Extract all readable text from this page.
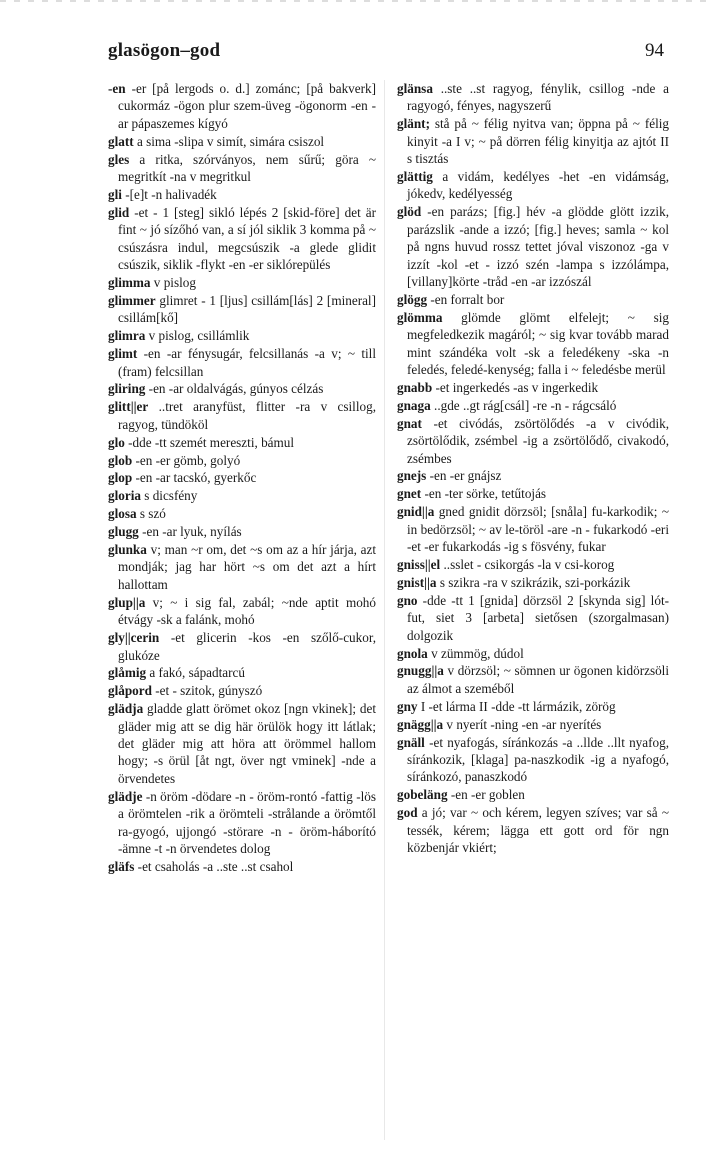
glasögon–god	94

-en -er [på lergods o. d.] zománc; [på bakverk] cukormáz -ögon plur szem-üveg -ögonorm -en -ar pápaszemes kígyó

glatt a sima -slipa v simít, simára csiszol

gles a ritka, szórványos, nem sűrű; göra ~ megritkít -na v megritkul

gli -[e]t -n halivadék

glid -et - 1 [steg] sikló lépés 2 [skid-före] det är fint ~ jó sízőhó van, a sí jól siklik 3 komma på ~ csúszásra indul, megcsúszik -a glede glidit csúszik, siklik -flykt -en -er siklórepülés

glimma v pislog

glimmer glimret - 1 [ljus] csillám[lás] 2 [mineral] csillám[kő]

glimra v pislog, csillámlik

glimt -en -ar fénysugár, felcsillanás -a v; ~ till (fram) felcsillan

gliring -en -ar oldalvágás, gúnyos célzás

glitt||er ..tret aranyfüst, flitter -ra v csillog, ragyog, tündököl

glo -dde -tt szemét mereszti, bámul

glob -en -er gömb, golyó

glop -en -ar tacskó, gyerkőc

gloria s dicsfény

glosa s szó

glugg -en -ar lyuk, nyílás

glunka v; man ~r om, det ~s om az a hír járja, azt mondják; jag har hört ~s om det azt a hírt hallottam

glup||a v; ~ i sig fal, zabál; ~nde aptit mohó étvágy -sk a falánk, mohó

gly||cerin -et glicerin -kos -en szőlő-cukor, glukóze

glåmig a fakó, sápadtarcú

glåpord -et - szitok, gúnyszó

glädja gladde glatt örömet okoz [ngn vkinek]; det gläder mig att se dig här örülök hogy itt látlak; det gläder mig att höra att örömmel hallom hogy; -s örül [åt ngt, över ngt vminek] -nde a örvendetes

glädje -n öröm -dödare -n - öröm-rontó -fattig -lös a örömtelen -rik a örömteli -strålande a örömtől ra-gyogó, ujjongó -störare -n - öröm-háborító -ämne -t -n örvendetes dolog

gläfs -et csaholás -a ..ste ..st csahol

glänsa ..ste ..st ragyog, fénylik, csillog -nde a ragyogó, fényes, nagyszerű

glänt; stå på ~ félig nyitva van; öppna på ~ félig kinyit -a I v; ~ på dörren félig kinyitja az ajtót II s tisztás

glättig a vidám, kedélyes -het -en vidámság, jókedv, kedélyesség

glöd -en parázs; [fig.] hév -a glödde glött izzik, parázslik -ande a izzó; [fig.] heves; samla ~ kol på ngns huvud rossz tettet jóval viszonoz -ga v izzít -kol -et - izzó szén -lampa s izzólámpa, [villany]körte -tråd -en -ar izzószál

glögg -en forralt bor

glömma glömde glömt elfelejt; ~ sig megfeledkezik magáról; ~ sig kvar tovább marad mint szándéka volt -sk a feledékeny -ska -n feledés, feledé-kenység; falla i ~ feledésbe merül

gnabb -et ingerkedés -as v ingerkedik

gnaga ..gde ..gt rág[csál] -re -n - rágcsáló

gnat -et civódás, zsörtölődés -a v civódik, zsörtölődik, zsémbel -ig a zsörtölődő, civakodó, zsémbes

gnejs -en -er gnájsz

gnet -en -ter sörke, tetűtojás

gnid||a gned gnidit dörzsöl; [snåla] fu-karkodik; ~ in bedörzsöl; ~ av le-töröl -are -n - fukarkodó -eri -et -er fukarkodás -ig s fösvény, fukar

gniss||el ..sslet - csikorgás -la v csi-korog

gnist||a s szikra -ra v szikrázik, szi-porkázik

gno -dde -tt 1 [gnida] dörzsöl 2 [skynda sig] lót-fut, siet 3 [arbeta] sietősen (szorgalmasan) dolgozik

gnola v zümmög, dúdol

gnugg||a v dörzsöl; ~ sömnen ur ögonen kidörzsöli az álmot a szeméből

gny I -et lárma II -dde -tt lármázik, zörög

gnägg||a v nyerít -ning -en -ar nyerítés

gnäll -et nyafogás, síránkozás -a ..llde ..llt nyafog, síránkozik, [klaga] pa-naszkodik -ig a nyafogó, síránkozó, panaszkodó

gobeläng -en -er goblen

god a jó; var ~ och kérem, legyen szíves; var så ~ tessék, kérem; lägga ett gott ord för ngn közbenjár vkiért;
